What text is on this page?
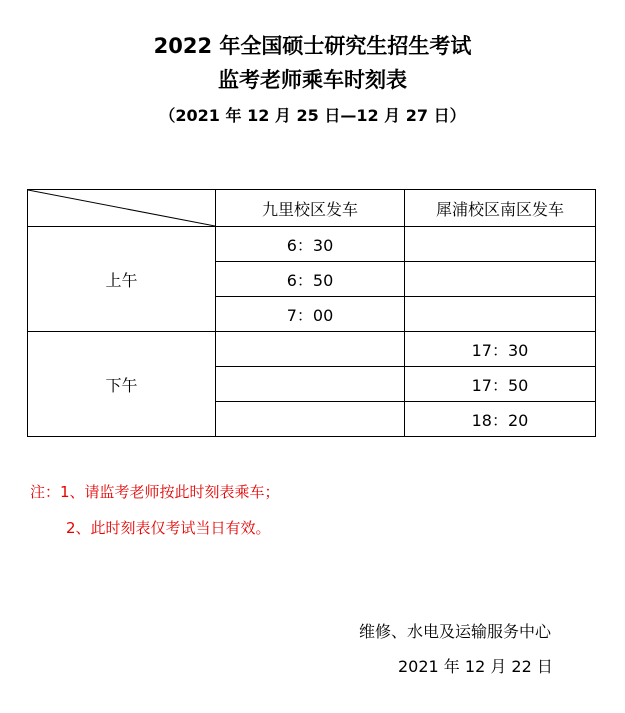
2022 年全国硕士研究生招生考试
监考老师乘车时刻表
（2021 年 12 月 25 日—12 月 27 日）
	九里校区发车	犀浦校区南区发车
上午	6：30	
	6：50	
	7：00	
下午		17：30
		17：50
		18：20
注：1、请监考老师按此时刻表乘车；
2、此时刻表仅考试当日有效。
维修、水电及运输服务中心
2021 年 12 月 22 日
